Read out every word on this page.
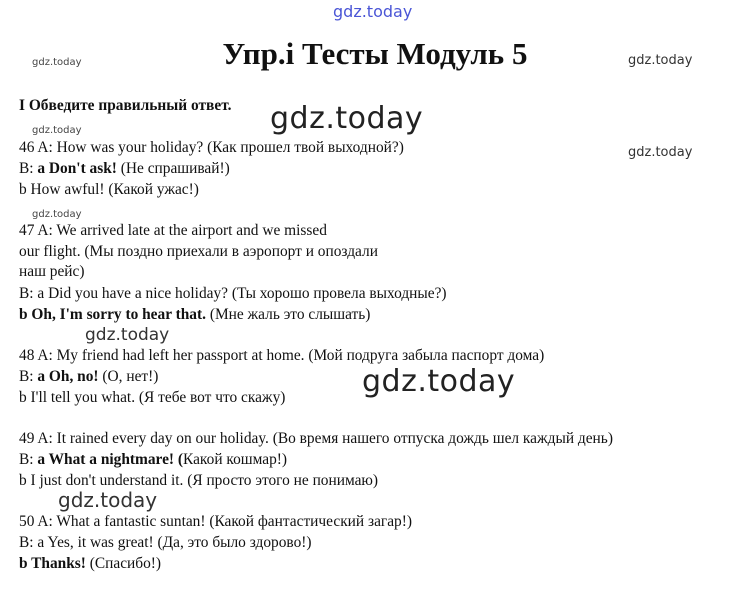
gdz.today
gdz.today	gdz.today
gdz.today
gdz.today
gdz.today
gdz.today
gdz.today
gdz.today
gdz.today
Упр.i Тесты Модуль 5
I Обведите правильный ответ.
46 A: How was your holiday? (Как прошел твой выходной?)
B: a Don't ask! (Не спрашивай!)
b How awful! (Какой ужас!)
47 A: We arrived late at the airport and we missed
our flight. (Мы поздно приехали в аэропорт и опоздали
наш рейс)
B: a Did you have a nice holiday? (Ты хорошо провела выходные?)
b Oh, I'm sorry to hear that. (Мне жаль это слышать)
48 A: My friend had left her passport at home. (Мой подруга забыла паспорт дома)
B: a Oh, no! (О, нет!)
b I'll tell you what. (Я тебе вот что скажу)
49 A: It rained every day on our holiday. (Во время нашего отпуска дождь шел каждый день)
B: a What a nightmare! (Какой кошмар!)
b I just don't understand it. (Я просто этого не понимаю)
50 A: What a fantastic suntan! (Какой фантастический загар!)
B: a Yes, it was great! (Да, это было здорово!)
b Thanks! (Спасибо!)
